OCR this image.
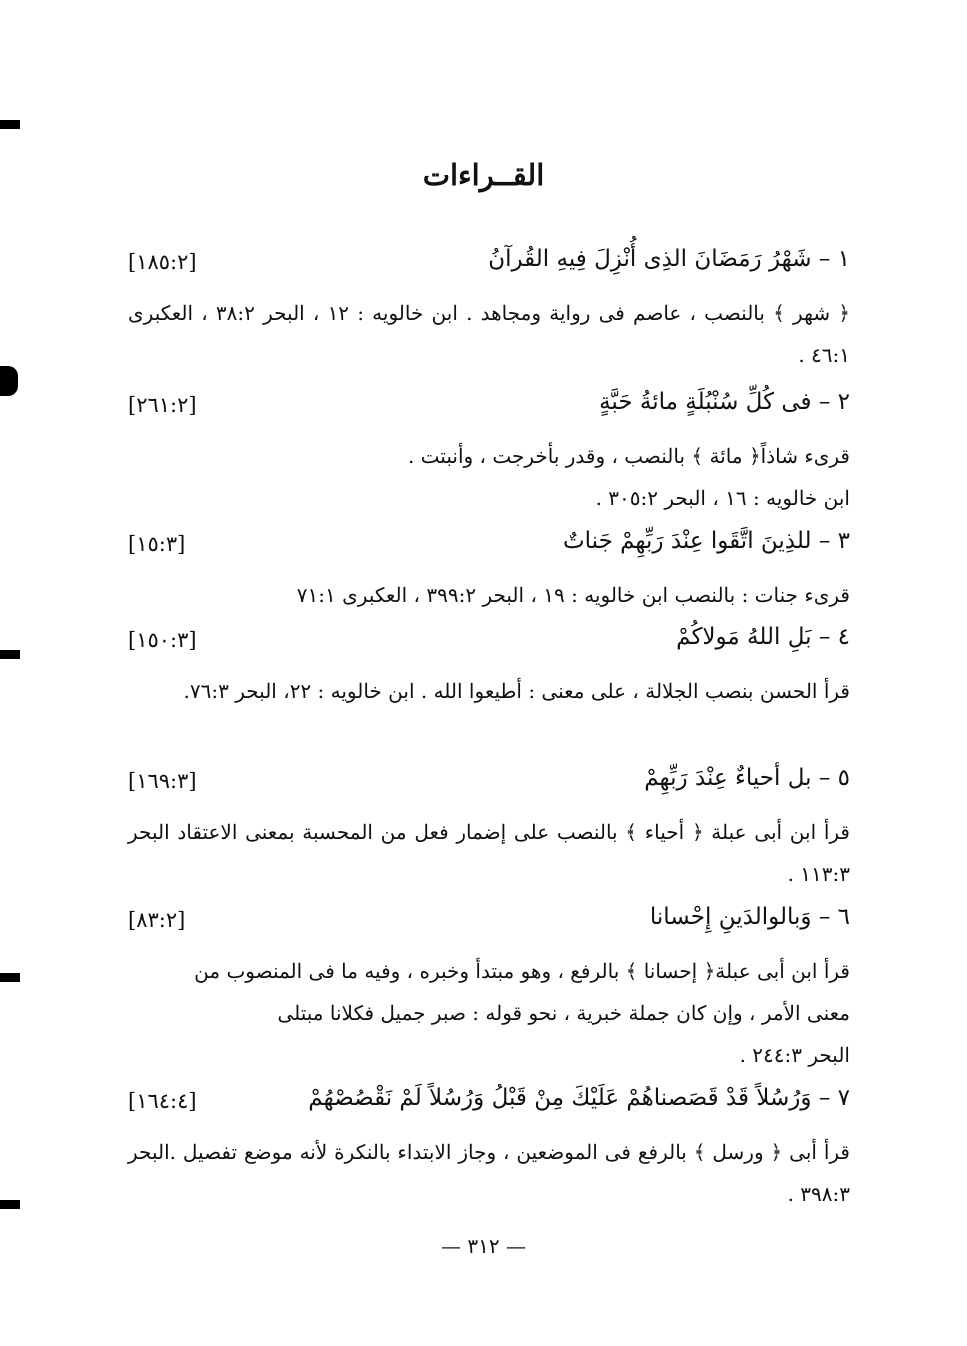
القــراءات
١ – شَهْرُ رَمَضَانَ الذِى أُنْزِلَ فِيهِ القُرآنُ
[١٨٥:٢]
﴿ شهر ﴾ بالنصب ، عاصم فى رواية ومجاهد . ابن خالويه : ١٢ ، البحر ٣٨:٢ ، العكبرى ٤٦:١ .
٢ – فى كُلِّ سُنْبُلَةٍ مائةُ حَبَّةٍ
[٢٦١:٢]
قرىء شاذاً﴿ مائة ﴾ بالنصب ، وقدر بأخرجت ، وأنبتت .
ابن خالويه : ١٦ ، البحر ٣٠٥:٢ .
٣ – للذِينَ اتَّقَوا عِنْدَ رَبِّهِمْ جَناتٌ
[١٥:٣]
قرىء جنات : بالنصب ابن خالويه : ١٩ ، البحر ٣٩٩:٢ ، العكبرى ٧١:١
٤ – بَلِ اللهُ مَولاكُمْ
[١٥٠:٣]
قرأ الحسن بنصب الجلالة ، على معنى : أطيعوا الله . ابن خالويه : ٢٢، البحر ٧٦:٣.
٥ – بل أحياءٌ عِنْدَ رَبِّهِمْ
[١٦٩:٣]
قرأ ابن أبى عبلة ﴿ أحياء ﴾ بالنصب على إضمار فعل من المحسبة بمعنى الاعتقاد البحر ١١٣:٣ .
٦ – وَبالوالدَينِ إِحْسانا
[٨٣:٢]
قرأ ابن أبى عبلة﴿ إحسانا ﴾ بالرفع ، وهو مبتدأ وخبره ، وفيه ما فى المنصوب من
معنى الأمر ، وإن كان جملة خبرية ، نحو قوله : صبر جميل فكلانا مبتلى
البحر ٢٤٤:٣ .
٧ – وَرُسُلاً قَدْ قَصَصناهُمْ عَلَيْكَ مِنْ قَبْلُ وَرُسُلاً لَمْ نَقْصُصْهُمْ
[١٦٤:٤]
قرأ أبى ﴿ ورسل ﴾ بالرفع فى الموضعين ، وجاز الابتداء بالنكرة لأنه موضع تفصيل .البحر ٣٩٨:٣ .
— ٣١٢ —
